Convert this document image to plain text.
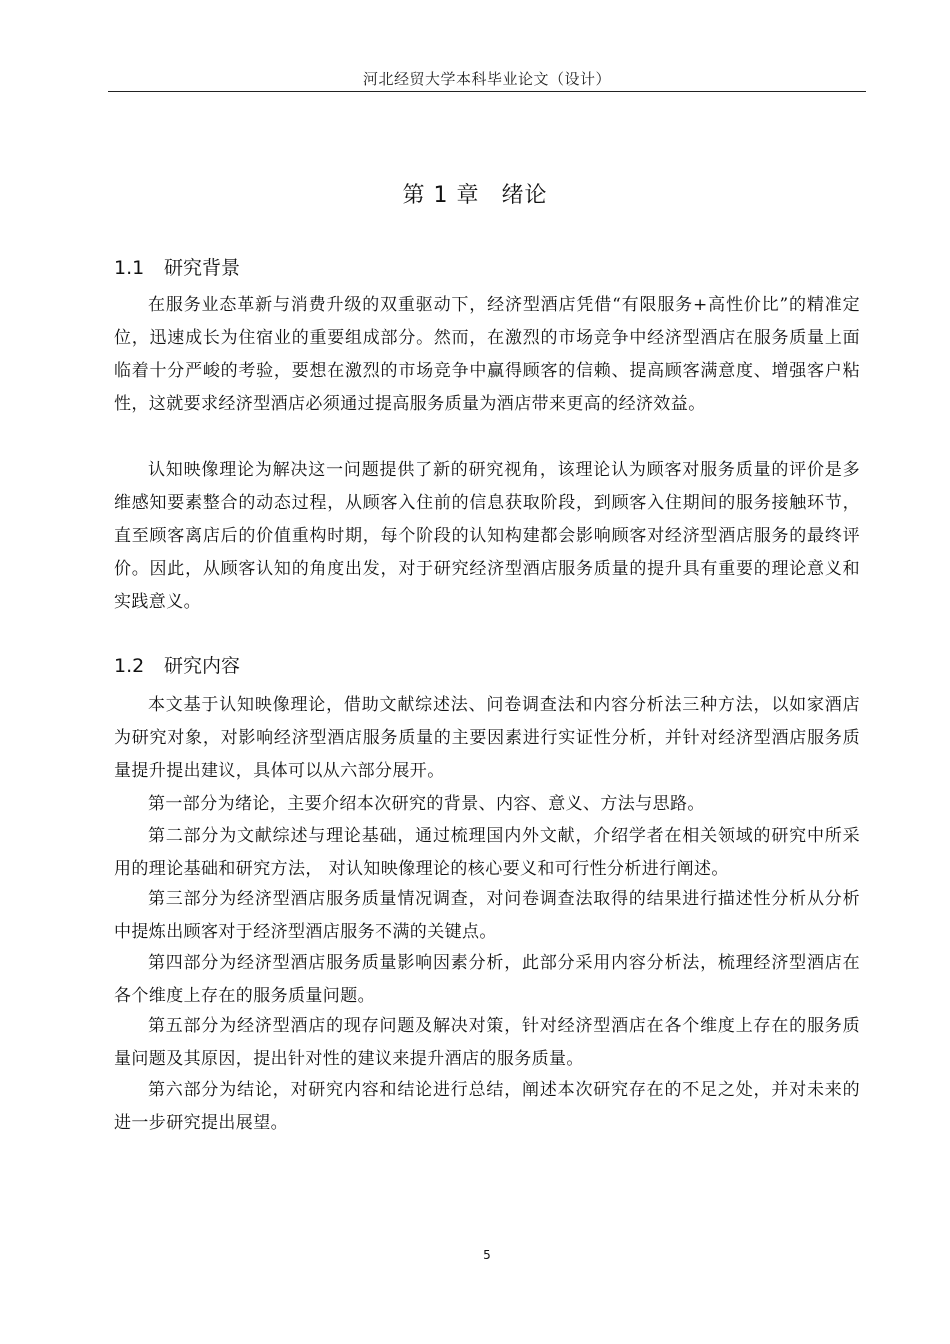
河北经贸大学本科毕业论文（设计）
第 1 章 绪论
1.1 研究背景

在服务业态革新与消费升级的双重驱动下，经济型酒店凭借“有限服务+高性价比”的精准定位，迅速成长为住宿业的重要组成部分。然而，在激烈的市场竞争中经济型酒店在服务质量上面临着十分严峻的考验，要想在激烈的市场竞争中赢得顾客的信赖、提高顾客满意度、增强客户粘性，这就要求经济型酒店必须通过提高服务质量为酒店带来更高的经济效益。

认知映像理论为解决这一问题提供了新的研究视角，该理论认为顾客对服务质量的评价是多维感知要素整合的动态过程，从顾客入住前的信息获取阶段，到顾客入住期间的服务接触环节，直至顾客离店后的价值重构时期，每个阶段的认知构建都会影响顾客对经济型酒店服务的最终评价。因此，从顾客认知的角度出发，对于研究经济型酒店服务质量的提升具有重要的理论意义和实践意义。

1.2 研究内容

本文基于认知映像理论，借助文献综述法、问卷调查法和内容分析法三种方法，以如家酒店为研究对象，对影响经济型酒店服务质量的主要因素进行实证性分析，并针对经济型酒店服务质量提升提出建议，具体可以从六部分展开。

第一部分为绪论，主要介绍本次研究的背景、内容、意义、方法与思路。

第二部分为文献综述与理论基础，通过梳理国内外文献，介绍学者在相关领域的研究中所采用的理论基础和研究方法， 对认知映像理论的核心要义和可行性分析进行阐述。

第三部分为经济型酒店服务质量情况调查，对问卷调查法取得的结果进行描述性分析从分析中提炼出顾客对于经济型酒店服务不满的关键点。

第四部分为经济型酒店服务质量影响因素分析，此部分采用内容分析法，梳理经济型酒店在各个维度上存在的服务质量问题。

第五部分为经济型酒店的现存问题及解决对策，针对经济型酒店在各个维度上存在的服务质量问题及其原因，提出针对性的建议来提升酒店的服务质量。

第六部分为结论，对研究内容和结论进行总结，阐述本次研究存在的不足之处，并对未来的进一步研究提出展望。

5
